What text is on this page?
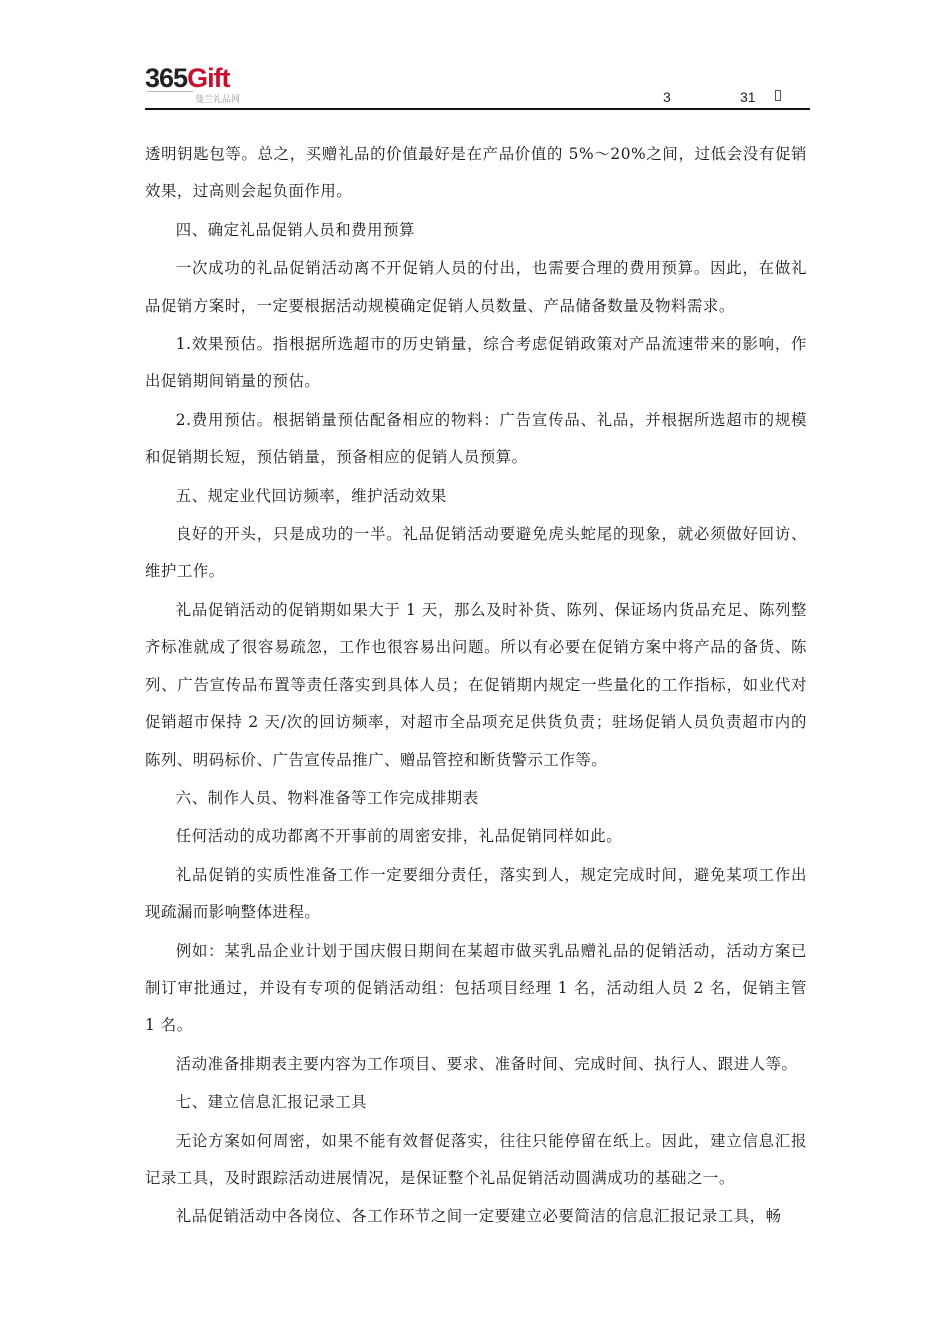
365Gift
曼兰礼品网	3	31

透明钥匙包等。总之，买赠礼品的价值最好是在产品价值的 5%～20%之间，过低会没有促销效果，过高则会起负面作用。

四、确定礼品促销人员和费用预算

一次成功的礼品促销活动离不开促销人员的付出，也需要合理的费用预算。因此，在做礼品促销方案时，一定要根据活动规模确定促销人员数量、产品储备数量及物料需求。

1.效果预估。指根据所选超市的历史销量，综合考虑促销政策对产品流速带来的影响，作出促销期间销量的预估。

2.费用预估。根据销量预估配备相应的物料：广告宣传品、礼品，并根据所选超市的规模和促销期长短，预估销量，预备相应的促销人员预算。

五、规定业代回访频率，维护活动效果

良好的开头，只是成功的一半。礼品促销活动要避免虎头蛇尾的现象，就必须做好回访、维护工作。

礼品促销活动的促销期如果大于 1 天，那么及时补货、陈列、保证场内货品充足、陈列整齐标准就成了很容易疏忽，工作也很容易出问题。所以有必要在促销方案中将产品的备货、陈列、广告宣传品布置等责任落实到具体人员；在促销期内规定一些量化的工作指标，如业代对促销超市保持 2 天/次的回访频率，对超市全品项充足供货负责；驻场促销人员负责超市内的陈列、明码标价、广告宣传品推广、赠品管控和断货警示工作等。

六、制作人员、物料准备等工作完成排期表

任何活动的成功都离不开事前的周密安排，礼品促销同样如此。

礼品促销的实质性准备工作一定要细分责任，落实到人，规定完成时间，避免某项工作出现疏漏而影响整体进程。

例如：某乳品企业计划于国庆假日期间在某超市做买乳品赠礼品的促销活动，活动方案已制订审批通过，并设有专项的促销活动组：包括项目经理 1 名，活动组人员 2 名，促销主管 1 名。

活动准备排期表主要内容为工作项目、要求、准备时间、完成时间、执行人、跟进人等。

七、建立信息汇报记录工具

无论方案如何周密，如果不能有效督促落实，往往只能停留在纸上。因此，建立信息汇报记录工具，及时跟踪活动进展情况，是保证整个礼品促销活动圆满成功的基础之一。

礼品促销活动中各岗位、各工作环节之间一定要建立必要简洁的信息汇报记录工具，畅
